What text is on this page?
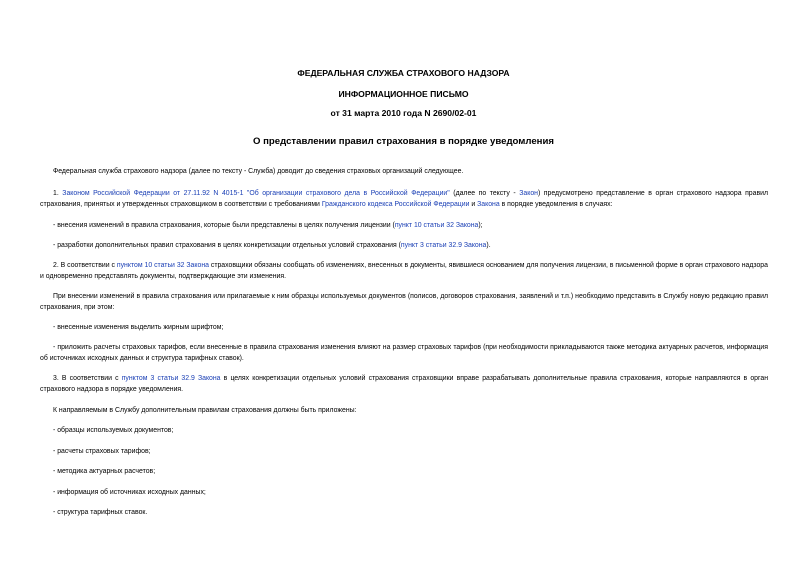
ФЕДЕРАЛЬНАЯ СЛУЖБА СТРАХОВОГО НАДЗОРА
ИНФОРМАЦИОННОЕ ПИСЬМО
от 31 марта 2010 года N 2690/02-01
О представлении правил страхования в порядке уведомления
Федеральная служба страхового надзора (далее по тексту - Служба) доводит до сведения страховых организаций следующее.
1. Законом Российской Федерации от 27.11.92 N 4015-1 "Об организации страхового дела в Российской Федерации" (далее по тексту - Закон) предусмотрено представление в орган страхового надзора правил страхования, принятых и утвержденных страховщиком в соответствии с требованиями Гражданского кодекса Российской Федерации и Закона в порядке уведомления в случаях:
- внесения изменений в правила страхования, которые были представлены в целях получения лицензии (пункт 10 статьи 32 Закона);
- разработки дополнительных правил страхования в целях конкретизации отдельных условий страхования (пункт 3 статьи 32.9 Закона).
2. В соответствии с пунктом 10 статьи 32 Закона страховщики обязаны сообщать об изменениях, внесенных в документы, явившиеся основанием для получения лицензии, в письменной форме в орган страхового надзора и одновременно представлять документы, подтверждающие эти изменения.
При внесении изменений в правила страхования или прилагаемые к ним образцы используемых документов (полисов, договоров страхования, заявлений и т.п.) необходимо представить в Службу новую редакцию правил страхования, при этом:
- внесенные изменения выделить жирным шрифтом;
- приложить расчеты страховых тарифов, если внесенные в правила страхования изменения влияют на размер страховых тарифов (при необходимости прикладываются также методика актуарных расчетов, информация об источниках исходных данных и структура тарифных ставок).
3. В соответствии с пунктом 3 статьи 32.9 Закона в целях конкретизации отдельных условий страхования страховщики вправе разрабатывать дополнительные правила страхования, которые направляются в орган страхового надзора в порядке уведомления.
К направляемым в Службу дополнительным правилам страхования должны быть приложены:
- образцы используемых документов;
- расчеты страховых тарифов;
- методика актуарных расчетов;
- информация об источниках исходных данных;
- структура тарифных ставок.
